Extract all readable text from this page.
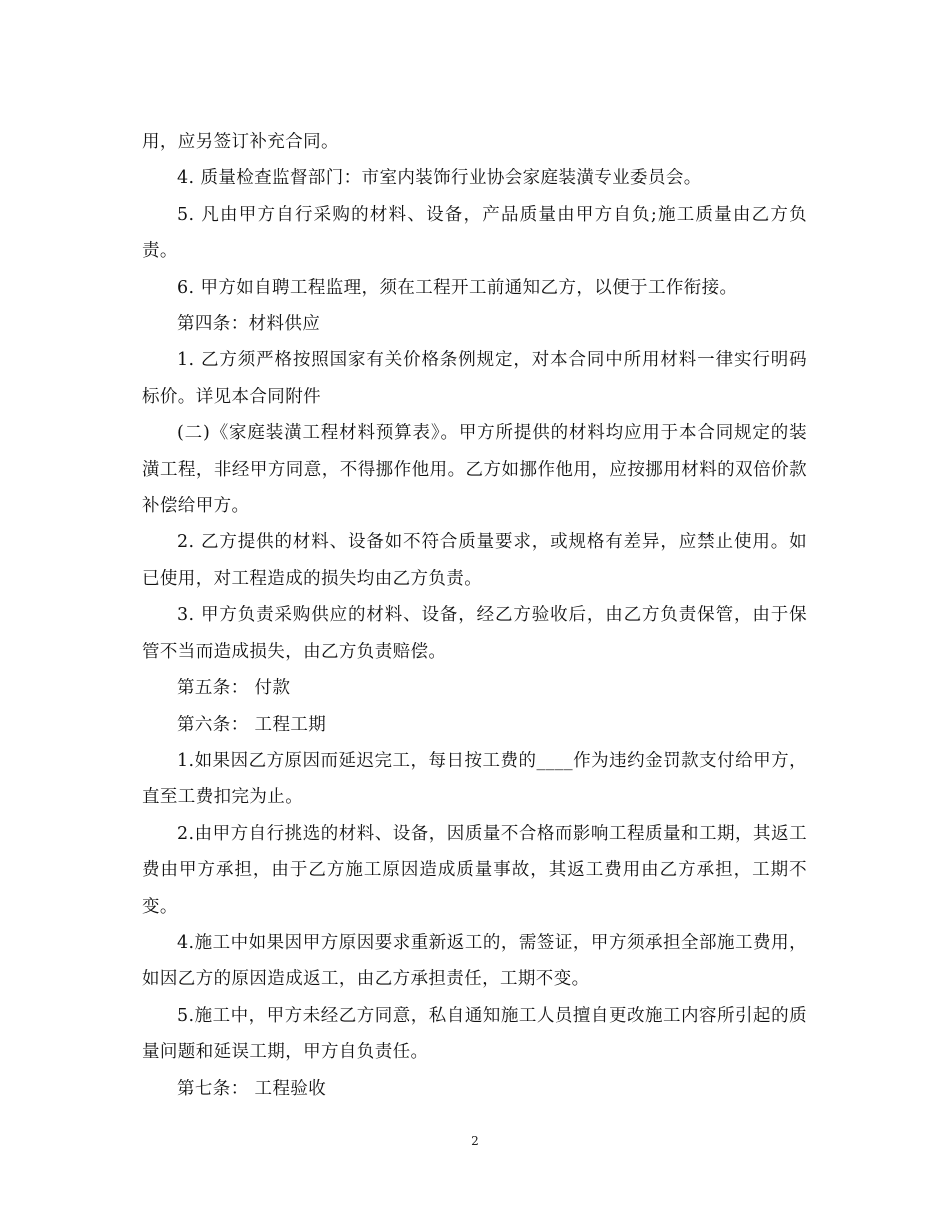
用，应另签订补充合同。

4. 质量检查监督部门：市室内装饰行业协会家庭装潢专业委员会。

5. 凡由甲方自行采购的材料、设备，产品质量由甲方自负;施工质量由乙方负责。

6. 甲方如自聘工程监理，须在工程开工前通知乙方，以便于工作衔接。

第四条：材料供应

1. 乙方须严格按照国家有关价格条例规定，对本合同中所用材料一律实行明码标价。详见本合同附件

(二)《家庭装潢工程材料预算表》。甲方所提供的材料均应用于本合同规定的装潢工程，非经甲方同意，不得挪作他用。乙方如挪作他用，应按挪用材料的双倍价款补偿给甲方。

2. 乙方提供的材料、设备如不符合质量要求，或规格有差异，应禁止使用。如已使用，对工程造成的损失均由乙方负责。

3. 甲方负责采购供应的材料、设备，经乙方验收后，由乙方负责保管，由于保管不当而造成损失，由乙方负责赔偿。

第五条： 付款

第六条： 工程工期

1.如果因乙方原因而延迟完工，每日按工费的____作为违约金罚款支付给甲方，直至工费扣完为止。

2.由甲方自行挑选的材料、设备，因质量不合格而影响工程质量和工期，其返工费由甲方承担，由于乙方施工原因造成质量事故，其返工费用由乙方承担，工期不变。

4.施工中如果因甲方原因要求重新返工的，需签证，甲方须承担全部施工费用，如因乙方的原因造成返工，由乙方承担责任，工期不变。

5.施工中，甲方未经乙方同意，私自通知施工人员擅自更改施工内容所引起的质量问题和延误工期，甲方自负责任。

第七条： 工程验收

2
